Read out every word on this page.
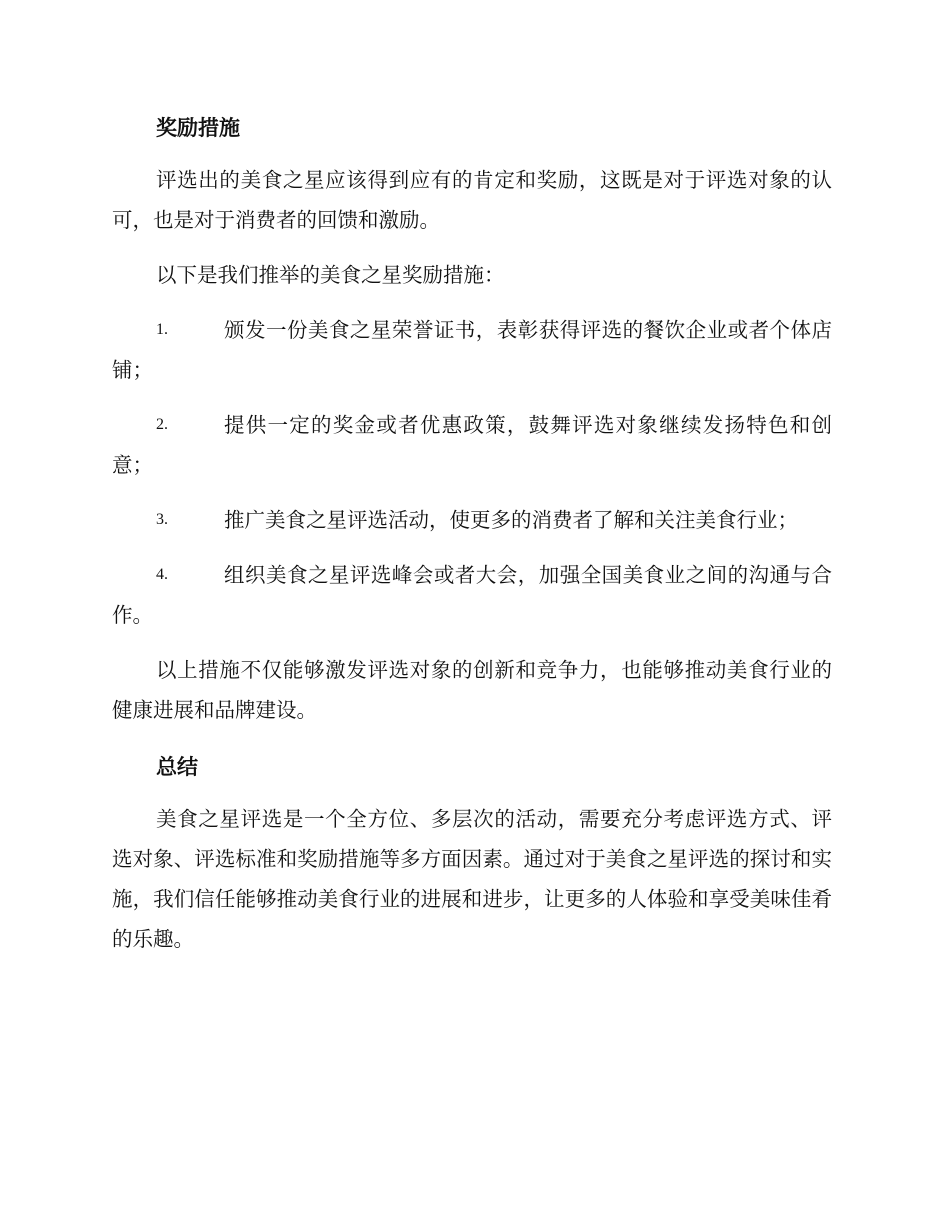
奖励措施

评选出的美食之星应该得到应有的肯定和奖励，这既是对于评选对象的认可，也是对于消费者的回馈和激励。

以下是我们推举的美食之星奖励措施：

1.	颁发一份美食之星荣誉证书，表彰获得评选的餐饮企业或者个体店铺；
2.	提供一定的奖金或者优惠政策，鼓舞评选对象继续发扬特色和创意；
3.	推广美食之星评选活动，使更多的消费者了解和关注美食行业；
4.	组织美食之星评选峰会或者大会，加强全国美食业之间的沟通与合作。

以上措施不仅能够激发评选对象的创新和竞争力，也能够推动美食行业的健康进展和品牌建设。

总结

美食之星评选是一个全方位、多层次的活动，需要充分考虑评选方式、评选对象、评选标准和奖励措施等多方面因素。通过对于美食之星评选的探讨和实施，我们信任能够推动美食行业的进展和进步，让更多的人体验和享受美味佳肴的乐趣。
